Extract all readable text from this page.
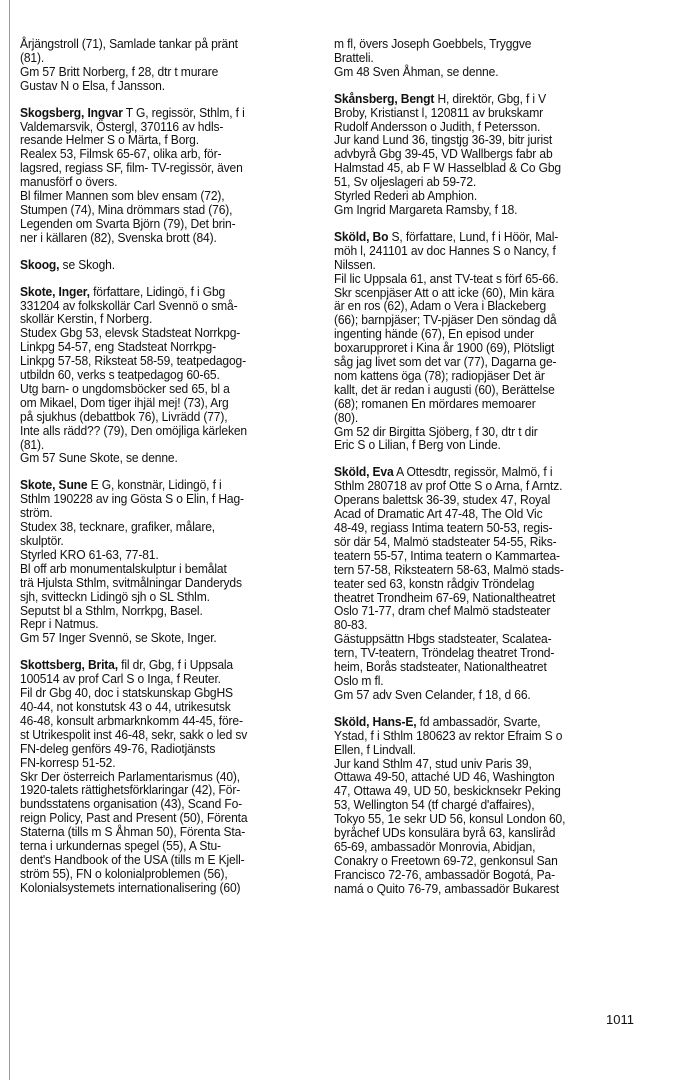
Årjängstroll (71), Samlade tankar på pränt
(81).
Gm 57 Britt Norberg, f 28, dtr t murare
Gustav N o Elsa, f Jansson.
Skogsberg, Ingvar T G, regissör, Sthlm, f i
Valdemarsvik, Östergl, 370116 av hdls-
resande Helmer S o Märta, f Borg.
Realex 53, Filmsk 65-67, olika arb, för-
lagsred, regiass SF, film- TV-regissör, även
manusförf o övers.
Bl filmer Mannen som blev ensam (72),
Stumpen (74), Mina drömmars stad (76),
Legenden om Svarta Björn (79), Det brin-
ner i källaren (82), Svenska brott (84).
Skoog, se Skogh.
Skote, Inger, författare, Lidingö, f i Gbg
331204 av folkskollär Carl Svennö o små-
skollär Kerstin, f Norberg.
Studex Gbg 53, elevsk Stadsteat Norrkpg-
Linkpg 54-57, eng Stadsteat Norrkpg-
Linkpg 57-58, Riksteat 58-59, teatpedagog-
utbildn 60, verks s teatpedagog 60-65.
Utg barn- o ungdomsböcker sed 65, bl a
om Mikael, Dom tiger ihjäl mej! (73), Arg
på sjukhus (debattbok 76), Livrädd (77),
Inte alls rädd?? (79), Den omöjliga kärleken
(81).
Gm 57 Sune Skote, se denne.
Skote, Sune E G, konstnär, Lidingö, f i
Sthlm 190228 av ing Gösta S o Elin, f Hag-
ström.
Studex 38, tecknare, grafiker, målare,
skulptör.
Styrled KRO 61-63, 77-81.
Bl off arb monumentalskulptur i bemålat
trä Hjulsta Sthlm, svitmålningar Danderyds
sjh, svitteckn Lidingö sjh o SL Sthlm.
Seputst bl a Sthlm, Norrkpg, Basel.
Repr i Natmus.
Gm 57 Inger Svennö, se Skote, Inger.
Skottsberg, Brita, fil dr, Gbg, f i Uppsala
100514 av prof Carl S o Inga, f Reuter.
Fil dr Gbg 40, doc i statskunskap GbgHS
40-44, not konstutsk 43 o 44, utrikesutsk
46-48, konsult arbmarknkomm 44-45, före-
st Utrikespolit inst 46-48, sekr, sakk o led sv
FN-deleg genförs 49-76, Radiotjänsts
FN-korresp 51-52.
Skr Der österreich Parlamentarismus (40),
1920-talets rättighetsförklaringar (42), För-
bundsstatens organisation (43), Scand Fo-
reign Policy, Past and Present (50), Förenta
Staterna (tills m S Åhman 50), Förenta Sta-
terna i urkundernas spegel (55), A Stu-
dent's Handbook of the USA (tills m E Kjell-
ström 55), FN o kolonialproblemen (56),
Kolonialsystemets internationalisering (60)
m fl, övers Joseph Goebbels, Tryggve
Bratteli.
Gm 48 Sven Åhman, se denne.
Skånsberg, Bengt H, direktör, Gbg, f i V
Broby, Kristianst l, 120811 av brukskamr
Rudolf Andersson o Judith, f Petersson.
Jur kand Lund 36, tingstjg 36-39, bitr jurist
advbyrå Gbg 39-45, VD Wallbergs fabr ab
Halmstad 45, ab F W Hasselblad & Co Gbg
51, Sv oljeslageri ab 59-72.
Styrled Rederi ab Amphion.
Gm Ingrid Margareta Ramsby, f 18.
Sköld, Bo S, författare, Lund, f i Höör, Mal-
möh l, 241101 av doc Hannes S o Nancy, f
Nilssen.
Fil lic Uppsala 61, anst TV-teat s förf 65-66.
Skr scenpjäser Att o att icke (60), Min kära
är en ros (62), Adam o Vera i Blackeberg
(66); barnpjäser; TV-pjäser Den söndag då
ingenting hände (67), En episod under
boxarupproret i Kina år 1900 (69), Plötsligt
såg jag livet som det var (77), Dagarna ge-
nom kattens öga (78); radiopjäser Det är
kallt, det är redan i augusti (60), Berättelse
(68); romanen En mördares memoarer
(80).
Gm 52 dir Birgitta Sjöberg, f 30, dtr t dir
Eric S o Lilian, f Berg von Linde.
Sköld, Eva A Ottesdtr, regissör, Malmö, f i
Sthlm 280718 av prof Otte S o Arna, f Arntz.
Operans balettsk 36-39, studex 47, Royal
Acad of Dramatic Art 47-48, The Old Vic
48-49, regiass Intima teatern 50-53, regis-
sör där 54, Malmö stadsteater 54-55, Riks-
teatern 55-57, Intima teatern o Kammartea-
tern 57-58, Riksteatern 58-63, Malmö stads-
teater sed 63, konstn rådgiv Tröndelag
theatret Trondheim 67-69, Nationaltheatret
Oslo 71-77, dram chef Malmö stadsteater
80-83.
Gästuppsättn Hbgs stadsteater, Scalatea-
tern, TV-teatern, Tröndelag theatret Trond-
heim, Borås stadsteater, Nationaltheatret
Oslo m fl.
Gm 57 adv Sven Celander, f 18, d 66.
Sköld, Hans-E, fd ambassadör, Svarte,
Ystad, f i Sthlm 180623 av rektor Efraim S o
Ellen, f Lindvall.
Jur kand Sthlm 47, stud univ Paris 39,
Ottawa 49-50, attaché UD 46, Washington
47, Ottawa 49, UD 50, beskicknsekr Peking
53, Wellington 54 (tf chargé d'affaires),
Tokyo 55, 1e sekr UD 56, konsul London 60,
byråchef UDs konsulära byrå 63, kansliråd
65-69, ambassadör Monrovia, Abidjan,
Conakry o Freetown 69-72, genkonsul San
Francisco 72-76, ambassadör Bogotá, Pa-
namá o Quito 76-79, ambassadör Bukarest
1011
